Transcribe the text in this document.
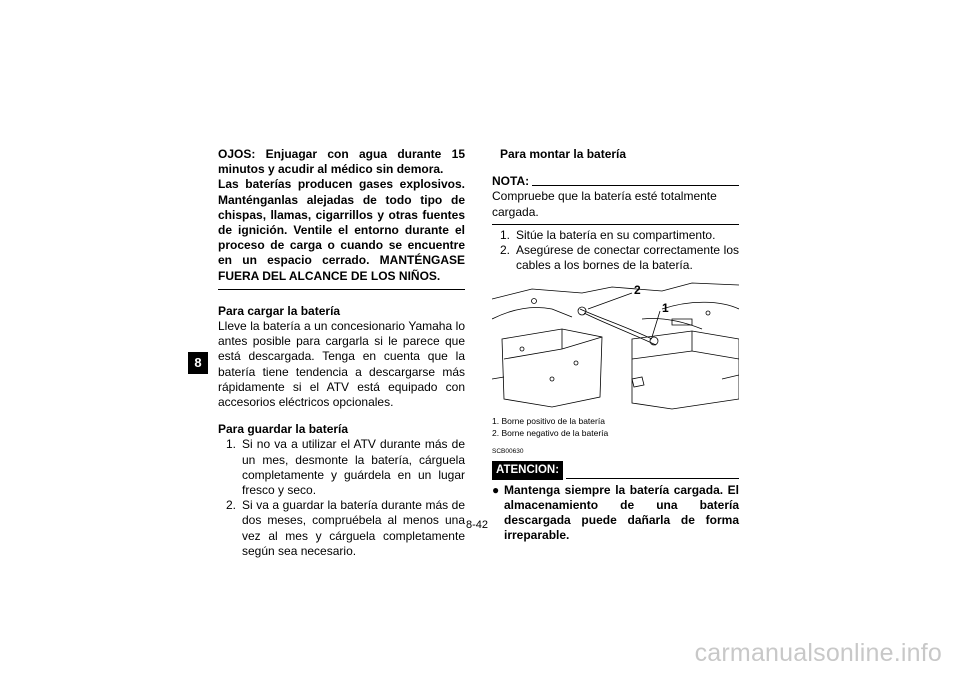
8

OJOS: Enjuagar con agua durante 15 minutos y acudir al médico sin demora.

Las baterías producen gases explosivos. Manténganlas alejadas de todo tipo de chispas, llamas, cigarrillos y otras fuentes de ignición. Ventile el entorno durante el proceso de carga o cuando se encuentre en un espacio cerrado. MANTÉNGASE FUERA DEL ALCANCE DE LOS NIÑOS.

Para cargar la batería

Lleve la batería a un concesionario Yamaha lo antes posible para cargarla si le parece que está descargada. Tenga en cuenta que la batería tiene tendencia a descargarse más rápidamente si el ATV está equipado con accesorios eléctricos opcionales.

Para guardar la batería
1. Si no va a utilizar el ATV durante más de un mes, desmonte la batería, cárguela completamente y guárdela en un lugar fresco y seco.
2. Si va a guardar la batería durante más de dos meses, compruébela al menos una vez al mes y cárguela completamente según sea necesario.
Para montar la batería
NOTA:

Compruebe que la batería esté totalmente cargada.

1. Sitúe la batería en su compartimento.
2. Asegúrese de conectar correctamente los cables a los bornes de la batería.
2
1
1. Borne positivo de la batería
2. Borne negativo de la batería
SCB00630
ATENCION:
● Mantenga siempre la batería cargada. El almacenamiento de una batería descargada puede dañarla de forma irreparable.
8-42
carmanualsonline.info
